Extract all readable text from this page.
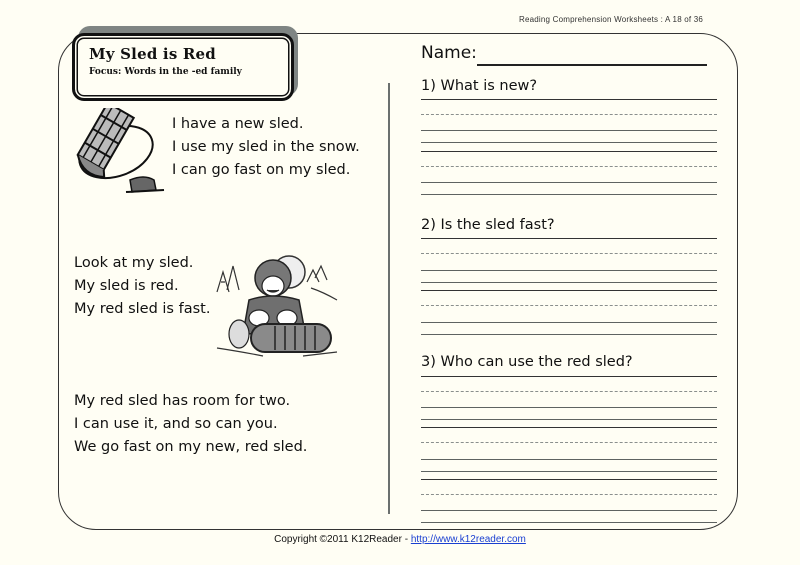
Reading Comprehension Worksheets : A 18 of 36
My Sled is Red
Focus: Words in the -ed family
I have a new sled.
I use my sled in the snow.
I can go fast on my sled.
Look at my sled.
My sled is red.
My red sled is fast.
My red sled has room for two.
I can use it, and so can you.
We go fast on my new, red sled.
Name:
1) What is new?
2) Is the sled fast?
3) Who can use the red sled?
Copyright ©2011 K12Reader - http://www.k12reader.com
